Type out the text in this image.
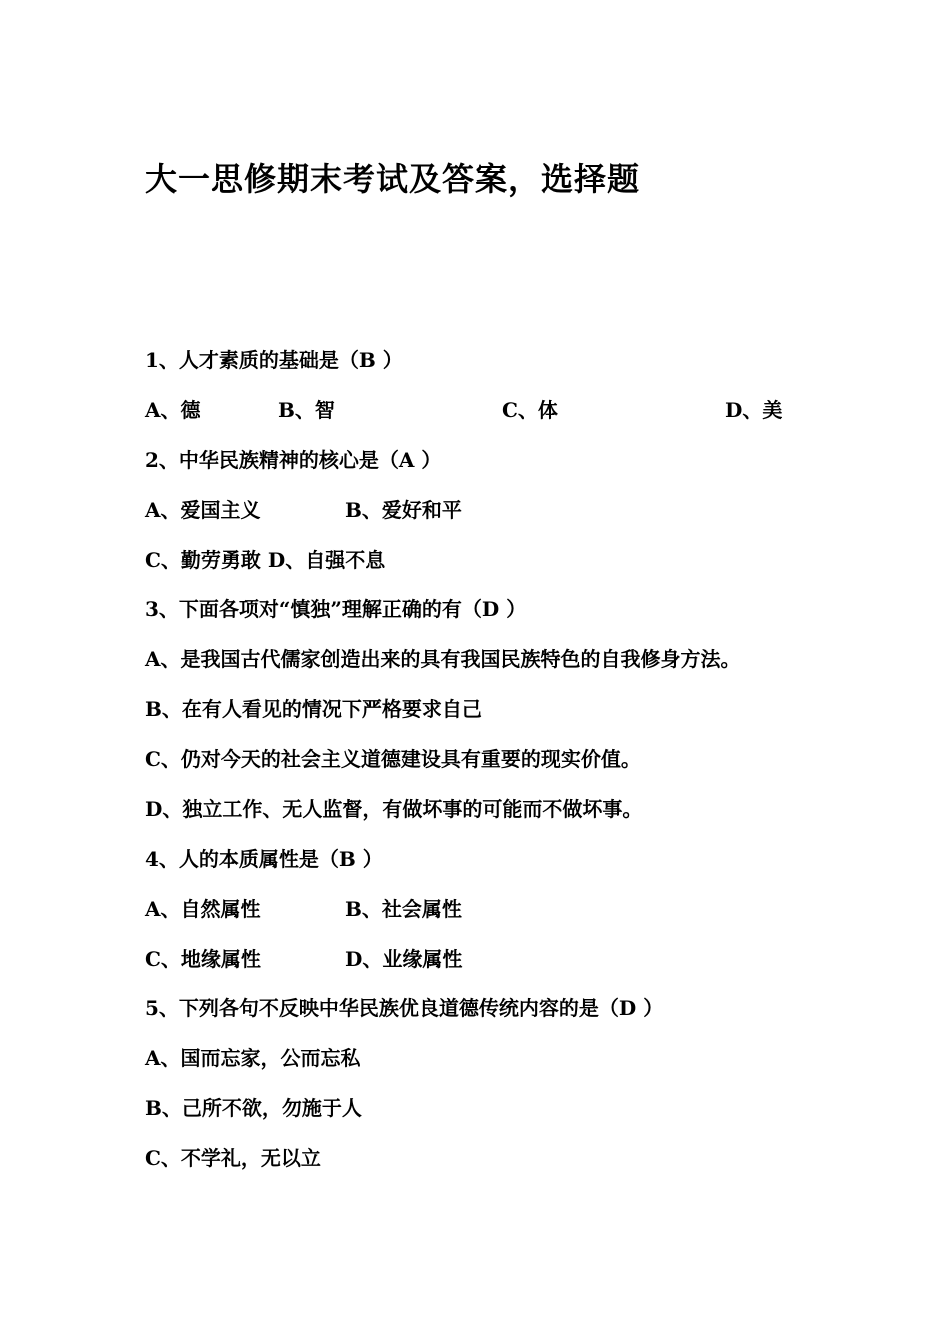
大一思修期末考试及答案，选择题
1、人才素质的基础是（B ）
A、德	B、智	C、体	D、美
2、中华民族精神的核心是（A ）
A、爱国主义	B、爱好和平
C、勤劳勇敢 D、自强不息
3、下面各项对“慎独”理解正确的有（D ）
A、是我国古代儒家创造出来的具有我国民族特色的自我修身方法。
B、在有人看见的情况下严格要求自己
C、仍对今天的社会主义道德建设具有重要的现实价值。
D、独立工作、无人监督，有做坏事的可能而不做坏事。
4、人的本质属性是（B ）
A、自然属性	B、社会属性
C、地缘属性	D、业缘属性
5、下列各句不反映中华民族优良道德传统内容的是（D ）
A、国而忘家，公而忘私
B、己所不欲，勿施于人
C、不学礼，无以立
